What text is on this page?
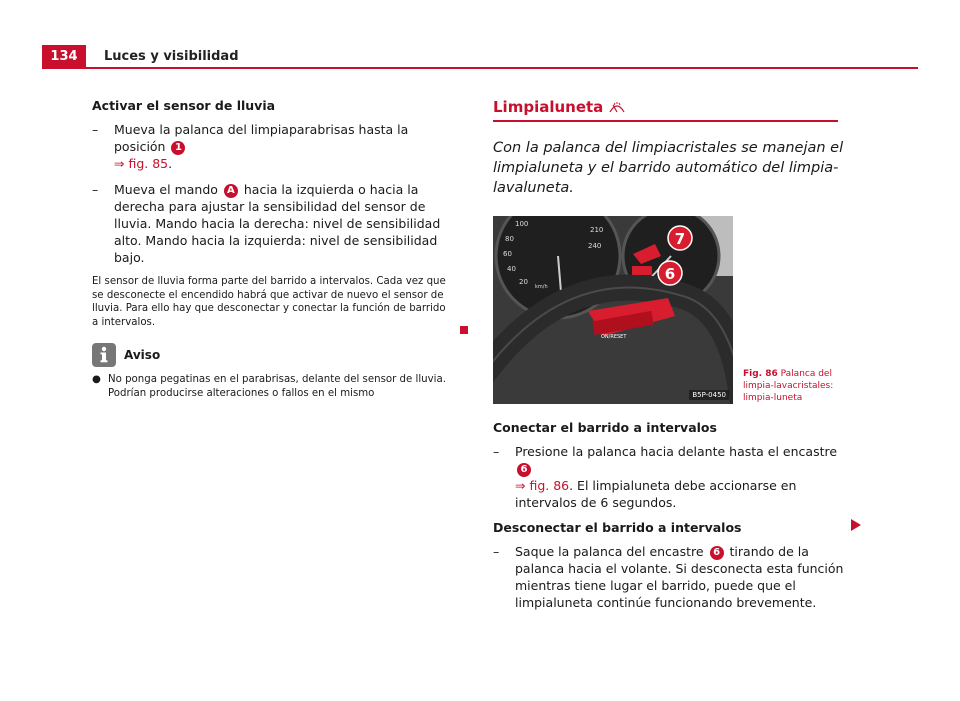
134	Luces y visibilidad
Activar el sensor de lluvia
–	Mueva la palanca del limpiaparabrisas hasta la posición 1
⇒ fig. 85.
–	Mueva el mando A hacia la izquierda o hacia la derecha para ajustar la sensibilidad del sensor de lluvia. Mando hacia la derecha: nivel de sensibilidad alto. Mando hacia la izquierda: nivel de sensibilidad bajo.

El sensor de lluvia forma parte del barrido a intervalos. Cada vez que se desconecte el encendido habrá que activar de nuevo el sensor de lluvia. Para ello hay que desconectar y conectar la función de barrido a intervalos.

Aviso
● No ponga pegatinas en el parabrisas, delante del sensor de lluvia. Podrían producirse alteraciones o fallos en el mismo
Limpialuneta

Con la palanca del limpiacristales se manejan el limpialuneta y el barrido automático del limpia-lavaluneta.

100
80
60
40
20
km/h
210
240
ON/RESET
7
6
B5P-0450
Fig. 86 Palanca del limpia-lavacristales: limpia-luneta
Conectar el barrido a intervalos
–	Presione la palanca hacia delante hasta el encastre 6
⇒ fig. 86. El limpialuneta debe accionarse en intervalos de 6 segundos.
Desconectar el barrido a intervalos
–	Saque la palanca del encastre 6 tirando de la palanca hacia el volante. Si desconecta esta función mientras tiene lugar el barrido, puede que el limpialuneta continúe funcionando brevemente.
